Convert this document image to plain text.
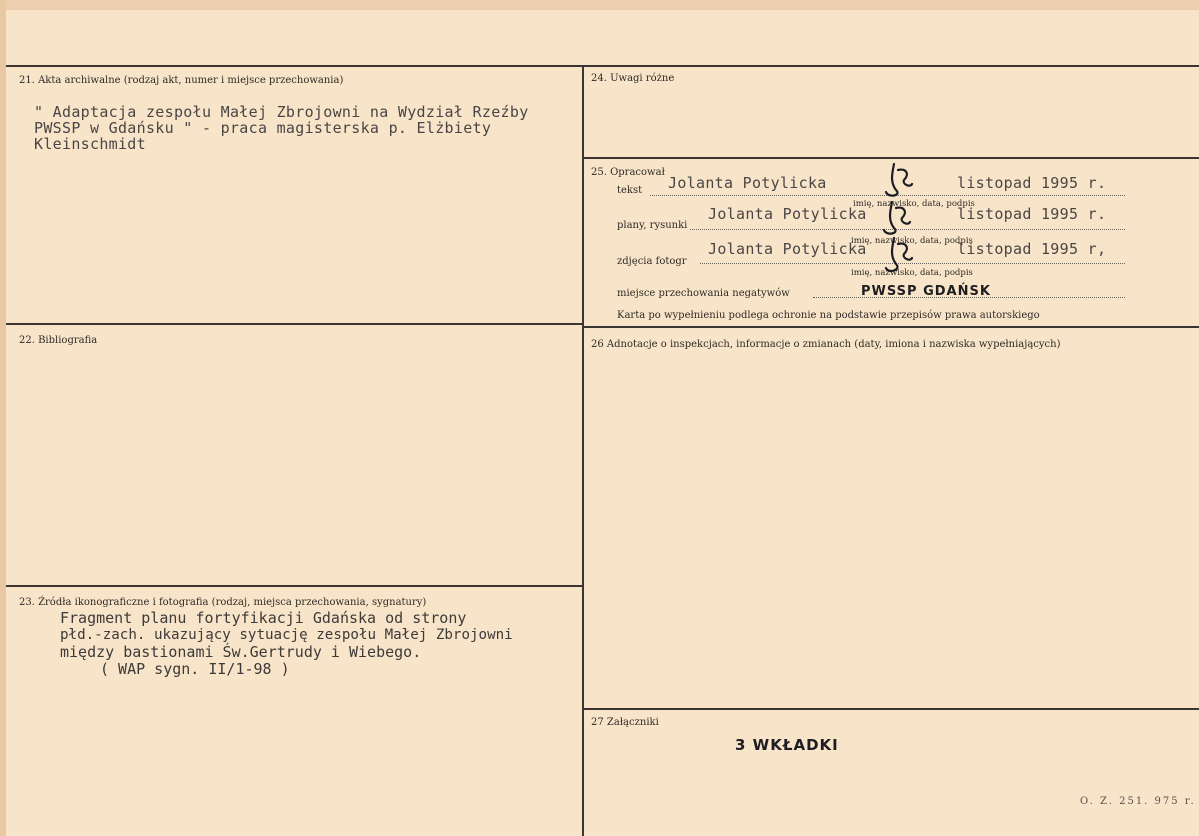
21. Akta archiwalne (rodzaj akt, numer i miejsce przechowania)
" Adaptacja zespołu Małej Zbrojowni na Wydział Rzeźby
PWSSP w Gdańsku " - praca magisterska p. Elżbiety
Kleinschmidt
22. Bibliografia
23. Źródła ikonograficzne i fotografia (rodzaj, miejsca przechowania, sygnatury)
Fragment planu fortyfikacji Gdańska od strony
płd.-zach. ukazujący sytuację zespołu Małej Zbrojowni
między bastionami Św.Gertrudy i Wiebego.
( WAP sygn. II/1-98 )
24. Uwagi różne
25. Opracował
tekst Jolanta Potylicka	listopad 1995 r.
imię, nazwisko, data, podpis
plany, rysunki
Jolanta Potylicka	listopad 1995 r.
imię, nazwisko, data, podpis
zdjęcia fotogr
Jolanta Potylicka	listopad 1995 r,
imię, nazwisko, data, podpis
miejsce przechowania negatywów	PWSSP GDAŃSK
Karta po wypełnieniu podlega ochronie na podstawie przepisów prawa autorskiego
26 Adnotacje o inspekcjach, informacje o zmianach (daty, imiona i nazwiska wypełniających)
27 Załączniki
3 WKŁADKI
O. Z. 251. 975 r.
